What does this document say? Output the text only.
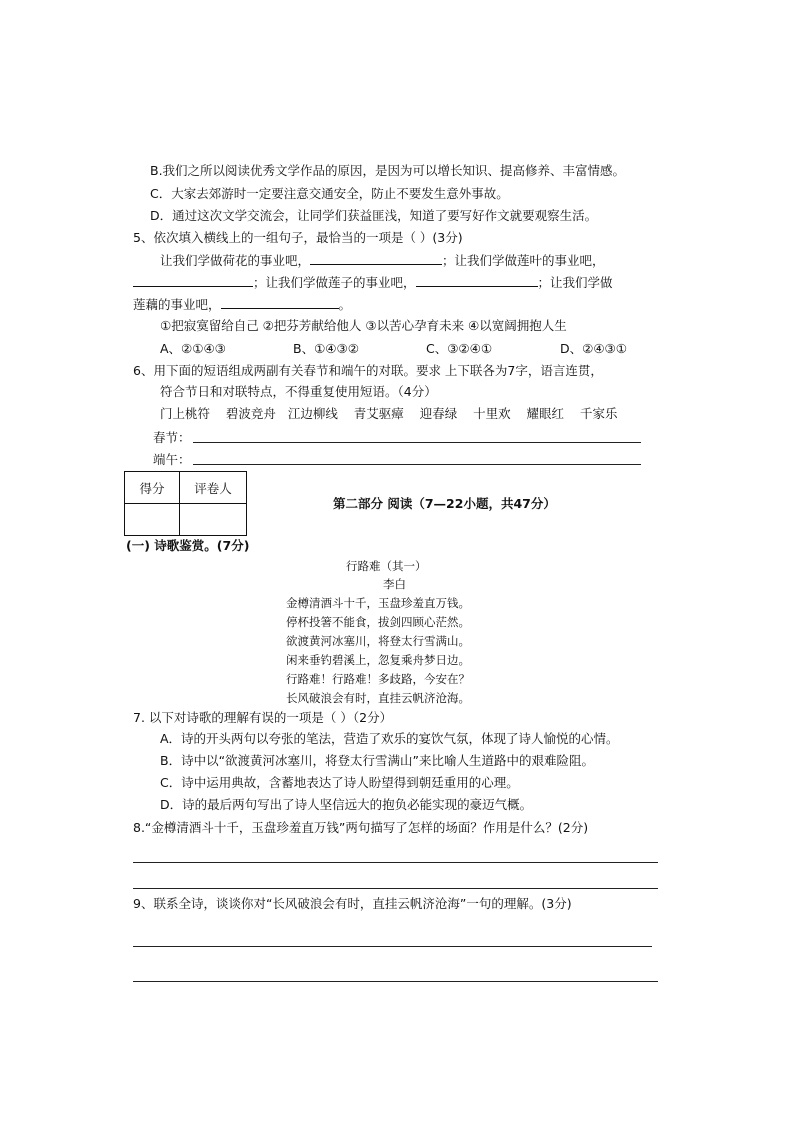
B.我们之所以阅读优秀文学作品的原因，是因为可以增长知识、提高修养、丰富情感。
C．大家去郊游时一定要注意交通安全，防止不要发生意外事故。
D．通过这次文学交流会，让同学们获益匪浅，知道了要写好作文就要观察生活。
5、依次填入横线上的一组句子，最恰当的一项是（ ）(3分)
让我们学做荷花的事业吧，	；让我们学做莲叶的事业吧，
；让我们学做莲子的事业吧，	；让我们学做
莲藕的事业吧，	。
①把寂寞留给自己 ②把芬芳献给他人 ③以苦心孕育未来 ④以宽阔拥抱人生
A、②①④③	B、①④③②	C、③②④①	D、②④③①
6、用下面的短语组成两副有关春节和端午的对联。要求 上下联各为7字，语言连贯，
符合节日和对联特点，不得重复使用短语。（4分）
门上桃符 碧波竞舟 江边柳线 青艾驱瘴 迎春绿 十里欢 耀眼红 千家乐
春节：
端午：
得分	评卷人

第二部分 阅读（7—22小题，共47分）
(一) 诗歌鉴赏。(7分)
行路难（其一）
李白
金樽清酒斗十千，玉盘珍羞直万钱。
停杯投箸不能食，拔剑四顾心茫然。
欲渡黄河冰塞川，将登太行雪满山。
闲来垂钓碧溪上，忽复乘舟梦日边。
行路难！行路难！多歧路，今安在？
长风破浪会有时，直挂云帆济沧海。
7. 以下对诗歌的理解有误的一项是（ ）（2分）
A．诗的开头两句以夸张的笔法，营造了欢乐的宴饮气氛，体现了诗人愉悦的心情。
B．诗中以“欲渡黄河冰塞川，将登太行雪满山”来比喻人生道路中的艰难险阻。
C．诗中运用典故，含蓄地表达了诗人盼望得到朝廷重用的心理。
D．诗的最后两句写出了诗人坚信远大的抱负必能实现的豪迈气概。
8.“金樽清酒斗十千，玉盘珍羞直万钱”两句描写了怎样的场面？作用是什么？(2分)
9、联系全诗，谈谈你对“长风破浪会有时，直挂云帆济沧海”一句的理解。(3分)
